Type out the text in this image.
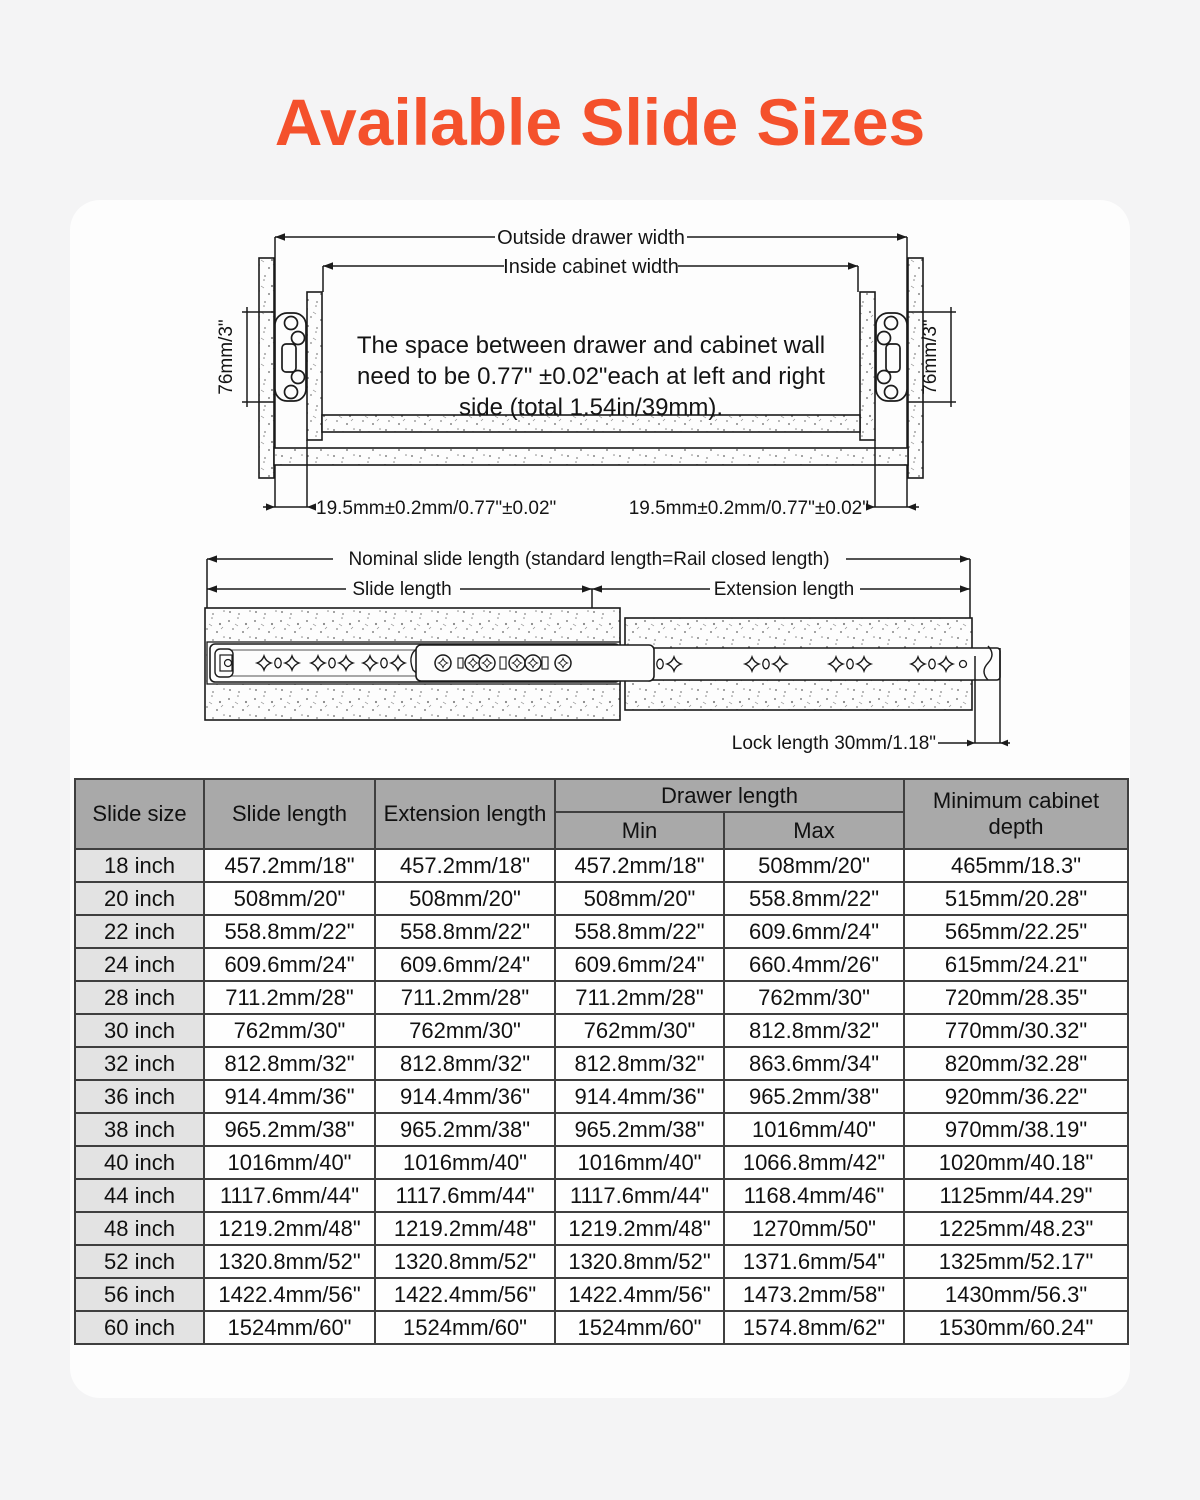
Available Slide Sizes
Outside drawer width
Inside cabinet width
76mm/3"	76mm/3"
The space between drawer and cabinet wall
need to be 0.77" ±0.02"each at left and right
side (total 1.54in/39mm).
19.5mm±0.2mm/0.77"±0.02"	19.5mm±0.2mm/0.77"±0.02"
Nominal slide length (standard length=Rail closed length)
Slide length	Extension length
Lock length 30mm/1.18"
Slide size	Slide length	Extension length	Drawer length		Minimum cabinet depth
			Min	Max	
18 inch	457.2mm/18"	457.2mm/18"	457.2mm/18"	508mm/20"	465mm/18.3"
20 inch	508mm/20"	508mm/20"	508mm/20"	558.8mm/22"	515mm/20.28"
22 inch	558.8mm/22"	558.8mm/22"	558.8mm/22"	609.6mm/24"	565mm/22.25"
24 inch	609.6mm/24"	609.6mm/24"	609.6mm/24"	660.4mm/26"	615mm/24.21"
28 inch	711.2mm/28"	711.2mm/28"	711.2mm/28"	762mm/30"	720mm/28.35"
30 inch	762mm/30"	762mm/30"	762mm/30"	812.8mm/32"	770mm/30.32"
32 inch	812.8mm/32"	812.8mm/32"	812.8mm/32"	863.6mm/34"	820mm/32.28"
36 inch	914.4mm/36"	914.4mm/36"	914.4mm/36"	965.2mm/38"	920mm/36.22"
38 inch	965.2mm/38"	965.2mm/38"	965.2mm/38"	1016mm/40"	970mm/38.19"
40 inch	1016mm/40"	1016mm/40"	1016mm/40"	1066.8mm/42"	1020mm/40.18"
44 inch	1117.6mm/44"	1117.6mm/44"	1117.6mm/44"	1168.4mm/46"	1125mm/44.29"
48 inch	1219.2mm/48"	1219.2mm/48"	1219.2mm/48"	1270mm/50"	1225mm/48.23"
52 inch	1320.8mm/52"	1320.8mm/52"	1320.8mm/52"	1371.6mm/54"	1325mm/52.17"
56 inch	1422.4mm/56"	1422.4mm/56"	1422.4mm/56"	1473.2mm/58"	1430mm/56.3"
60 inch	1524mm/60"	1524mm/60"	1524mm/60"	1574.8mm/62"	1530mm/60.24"
